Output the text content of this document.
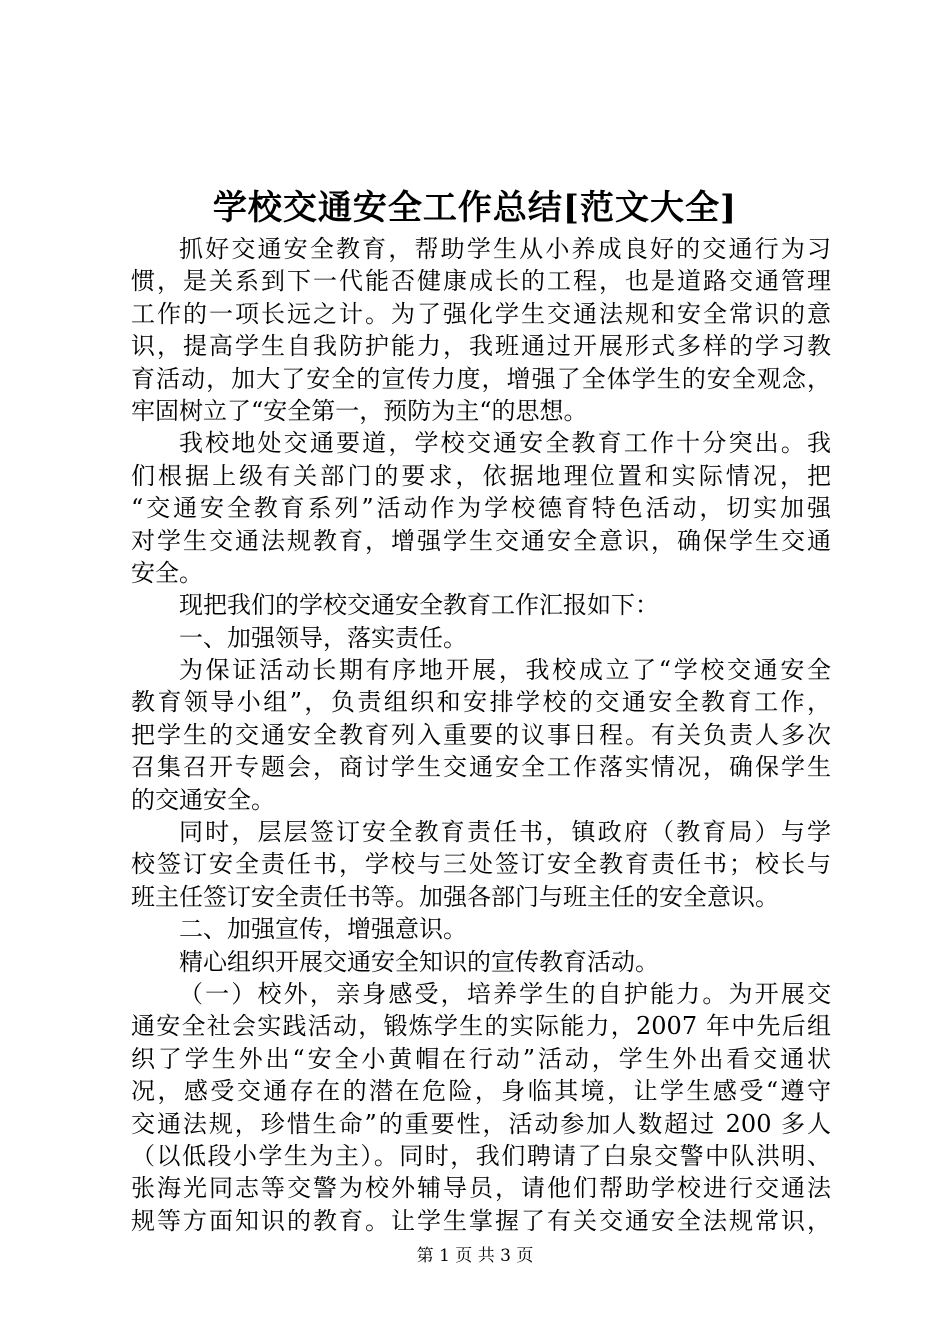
学校交通安全工作总结[范文大全]
抓好交通安全教育，帮助学生从小养成良好的交通行为习
惯，是关系到下一代能否健康成长的工程，也是道路交通管理
工作的一项长远之计。为了强化学生交通法规和安全常识的意
识，提高学生自我防护能力，我班通过开展形式多样的学习教
育活动，加大了安全的宣传力度，增强了全体学生的安全观念，
牢固树立了“安全第一，预防为主“的思想。
我校地处交通要道，学校交通安全教育工作十分突出。我
们根据上级有关部门的要求，依据地理位置和实际情况，把
“交通安全教育系列”活动作为学校德育特色活动，切实加强
对学生交通法规教育，增强学生交通安全意识，确保学生交通
安全。
现把我们的学校交通安全教育工作汇报如下：
一、加强领导，落实责任。
为保证活动长期有序地开展，我校成立了“学校交通安全
教育领导小组”，负责组织和安排学校的交通安全教育工作，
把学生的交通安全教育列入重要的议事日程。有关负责人多次
召集召开专题会，商讨学生交通安全工作落实情况，确保学生
的交通安全。
同时，层层签订安全教育责任书，镇政府（教育局）与学
校签订安全责任书，学校与三处签订安全教育责任书；校长与
班主任签订安全责任书等。加强各部门与班主任的安全意识。
二、加强宣传，增强意识。
精心组织开展交通安全知识的宣传教育活动。
（一）校外，亲身感受，培养学生的自护能力。为开展交
通安全社会实践活动，锻炼学生的实际能力，2007 年中先后组
织了学生外出“安全小黄帽在行动”活动，学生外出看交通状
况，感受交通存在的潜在危险，身临其境，让学生感受“遵守
交通法规，珍惜生命”的重要性，活动参加人数超过 200 多人
（以低段小学生为主）。同时，我们聘请了白泉交警中队洪明、
张海光同志等交警为校外辅导员，请他们帮助学校进行交通法
规等方面知识的教育。让学生掌握了有关交通安全法规常识，
第 1 页 共 3 页
